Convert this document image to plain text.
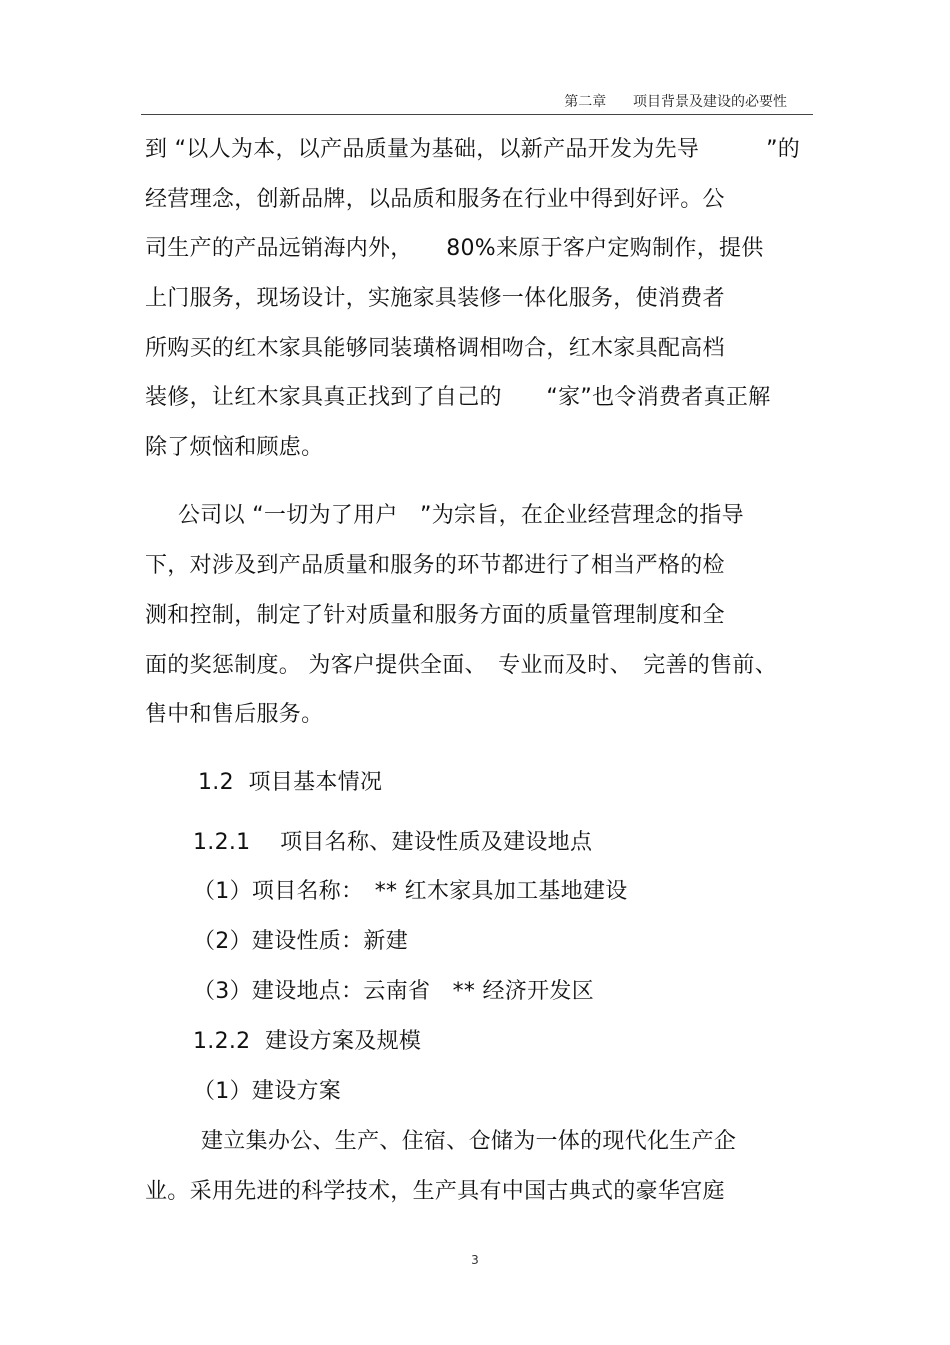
第二章 项目背景及建设的必要性
到 “以人为本，以产品质量为基础，以新产品开发为先导　　　”的
经营理念，创新品牌，以品质和服务在行业中得到好评。公
司生产的产品远销海内外，　　80%来原于客户定购制作，提供
上门服务，现场设计，实施家具装修一体化服务，使消费者
所购买的红木家具能够同装璜格调相吻合，红木家具配高档
装修，让红木家具真正找到了自己的　　“家”也令消费者真正解
除了烦恼和顾虑。
公司以 “一切为了用户　”为宗旨，在企业经营理念的指导
下，对涉及到产品质量和服务的环节都进行了相当严格的检
测和控制，制定了针对质量和服务方面的质量管理制度和全
面的奖惩制度。 为客户提供全面、　专业而及时、　完善的售前、
售中和售后服务。
1.2  项目基本情况
1.2.1　 项目名称、建设性质及建设地点
（1）项目名称：　** 红木家具加工基地建设
（2）建设性质：新建
（3）建设地点：云南省　** 经济开发区
1.2.2  建设方案及规模
（1）建设方案
建立集办公、生产、住宿、仓储为一体的现代化生产企
业。采用先进的科学技术，生产具有中国古典式的豪华宫庭
3
